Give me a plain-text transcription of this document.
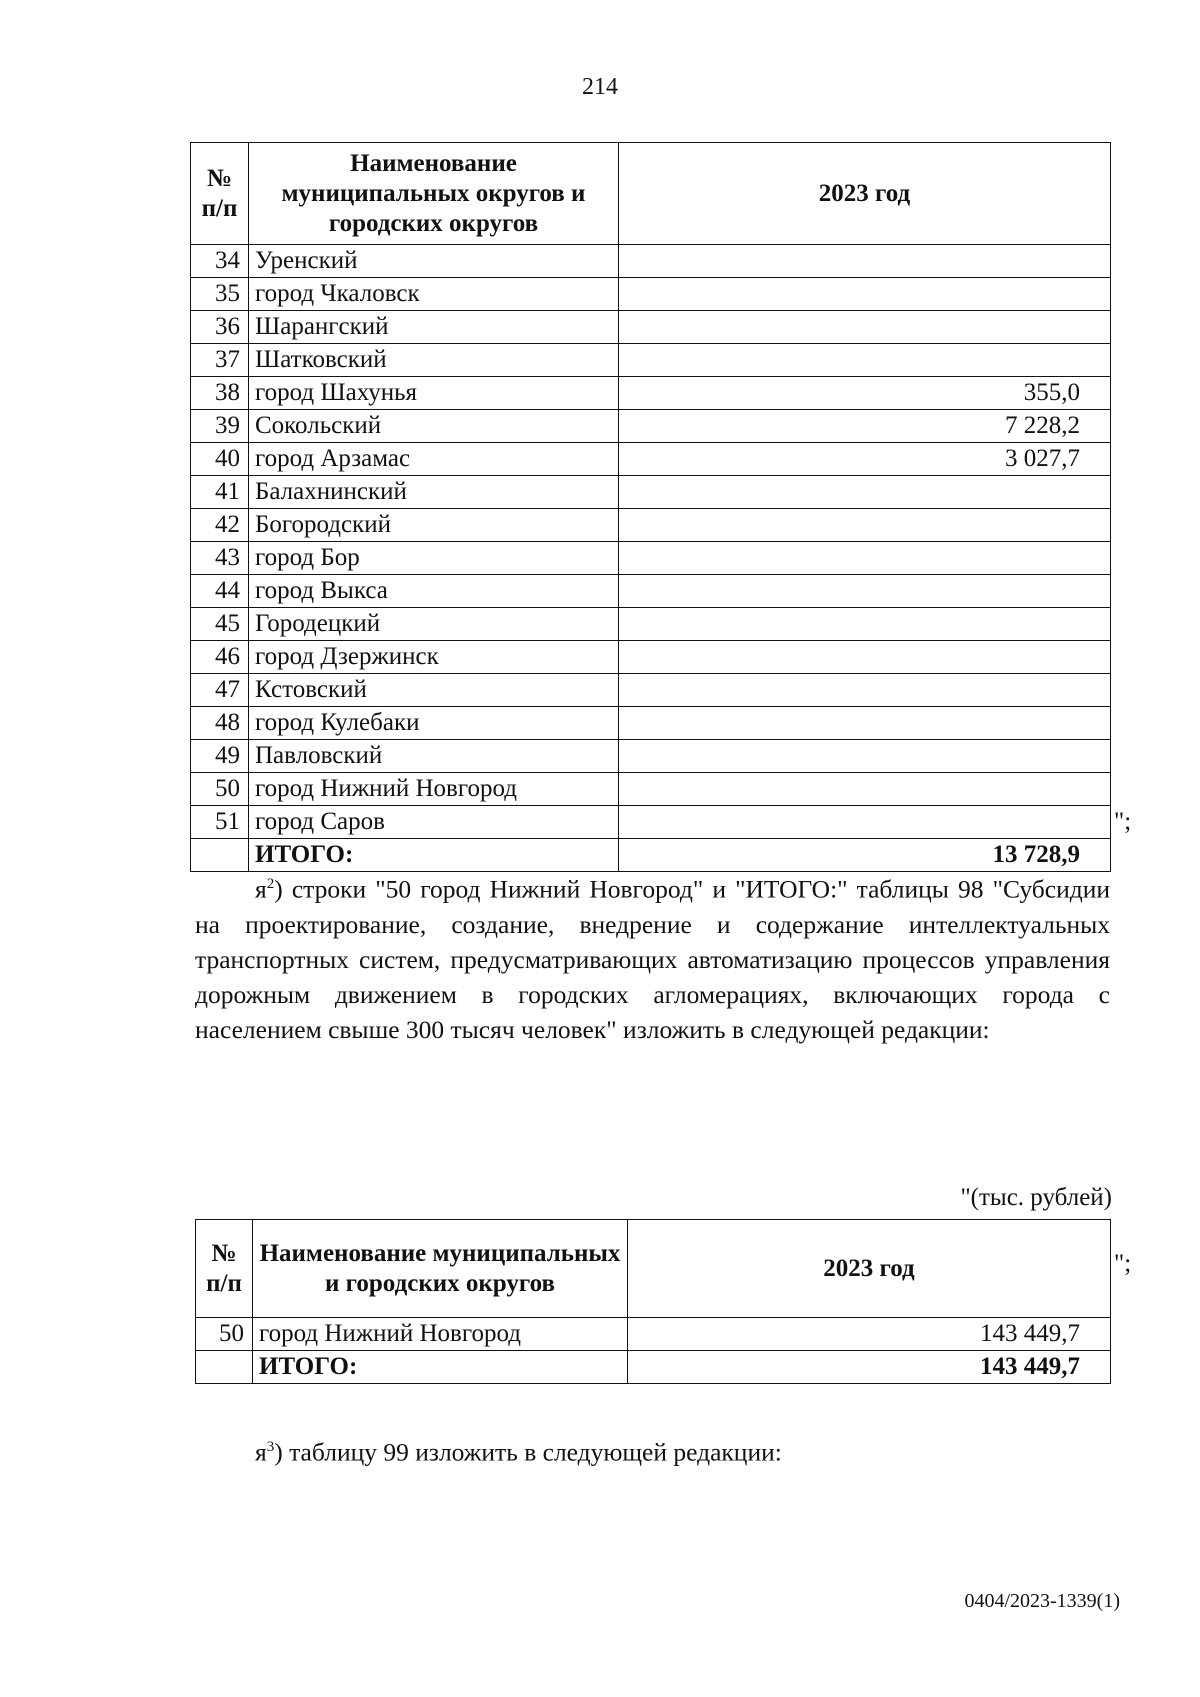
214
№ п/п	Наименование муниципальных округов и городских округов	2023 год
34	Уренский	
35	город Чкаловск	
36	Шарангский	
37	Шатковский	
38	город Шахунья	355,0
39	Сокольский	7 228,2
40	город Арзамас	3 027,7
41	Балахнинский	
42	Богородский	
43	город Бор	
44	город Выкса	
45	Городецкий	
46	город Дзержинск	
47	Кстовский	
48	город Кулебаки	
49	Павловский	
50	город Нижний Новгород	
51	город Саров	
	ИТОГО:	13 728,9
";
$я^2$) строки "50 город Нижний Новгород" и "ИТОГО:" таблицы 98 "Субсидии на проектирование, создание, внедрение и содержание интеллектуальных транспортных систем, предусматривающих автоматизацию процессов управления дорожным движением в городских агломерациях, включающих города с населением свыше 300 тысяч человек" изложить в следующей редакции:
"(тыс. рублей)
№ п/п	Наименование муниципальных и городских округов	2023 год
50	город Нижний Новгород	143 449,7
	ИТОГО:	143 449,7
";
$я^3$) таблицу 99 изложить в следующей редакции:
0404/2023-1339(1)
